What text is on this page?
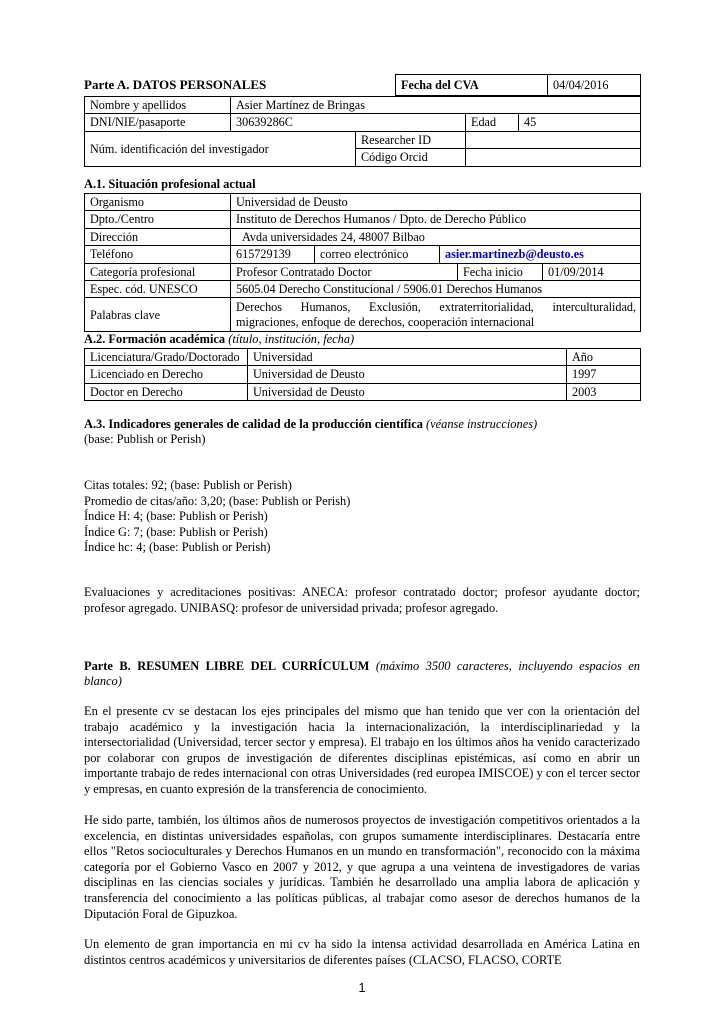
Parte A. DATOS PERSONALES	Fecha del CVA	04/04/2016
Nombre y apellidos	Asier Martínez de Bringas			
DNI/NIE/pasaporte	30639286C		Edad	45
Núm. identificación del investigador		Researcher ID		
		Código Orcid		

A.1. Situación profesional actual

Organismo	Universidad de Deusto				
Dpto./Centro	Instituto de Derechos Humanos / Dpto. de Derecho Público				
Dirección	Avda universidades 24, 48007 Bilbao				
Teléfono	615729139	correo electrónico	asier.martinezb@deusto.es		
Categoría profesional	Profesor Contratado Doctor			Fecha inicio	01/09/2014
Espec. cód. UNESCO	5605.04 Derecho Constitucional / 5906.01 Derechos Humanos				
Palabras clave	Derechos Humanos, Exclusión, extraterritorialidad, interculturalidad, migraciones, enfoque de derechos, cooperación internacional				

A.2. Formación académica (título, institución, fecha)

Licenciatura/Grado/Doctorado	Universidad	Año
Licenciado en Derecho	Universidad de Deusto	1997
Doctor en Derecho	Universidad de Deusto	2003

A.3. Indicadores generales de calidad de la producción científica (véanse instrucciones)

(base: Publish or Perish)

Citas totales: 92; (base: Publish or Perish)

Promedio de citas/año: 3,20; (base: Publish or Perish)

Índice H: 4; (base: Publish or Perish)

Índice G: 7; (base: Publish or Perish)

Índice hc: 4; (base: Publish or Perish)

Evaluaciones y acreditaciones positivas: ANECA: profesor contratado doctor; profesor ayudante doctor; profesor agregado. UNIBASQ: profesor de universidad privada; profesor agregado.

Parte B. RESUMEN LIBRE DEL CURRÍCULUM (máximo 3500 caracteres, incluyendo espacios en blanco)

En el presente cv se destacan los ejes principales del mismo que han tenido que ver con la orientación del trabajo académico y la investigación hacia la internacionalización, la interdisciplinariedad y la intersectorialidad (Universidad, tercer sector y empresa). El trabajo en los últimos años ha venido caracterizado por colaborar con grupos de investigación de diferentes disciplinas epistémicas, así como en abrir un importante trabajo de redes internacional con otras Universidades (red europea IMISCOE) y con el tercer sector y empresas, en cuanto expresión de la transferencia de conocimiento.

He sido parte, también, los últimos años de numerosos proyectos de investigación competitivos orientados a la excelencia, en distintas universidades españolas, con grupos sumamente interdisciplinares. Destacaría entre ellos "Retos socioculturales y Derechos Humanos en un mundo en transformación", reconocido con la máxima categoría por el Gobierno Vasco en 2007 y 2012, y que agrupa a una veintena de investigadores de varias disciplinas en las ciencias sociales y jurídicas. También he desarrollado una amplia labora de aplicación y transferencia del conocimiento a las políticas públicas, al trabajar como asesor de derechos humanos de la Diputación Foral de Gipuzkoa.

Un elemento de gran importancia en mi cv ha sido la intensa actividad desarrollada en América Latina en distintos centros académicos y universitarios de diferentes países (CLACSO, FLACSO, CORTE

1
